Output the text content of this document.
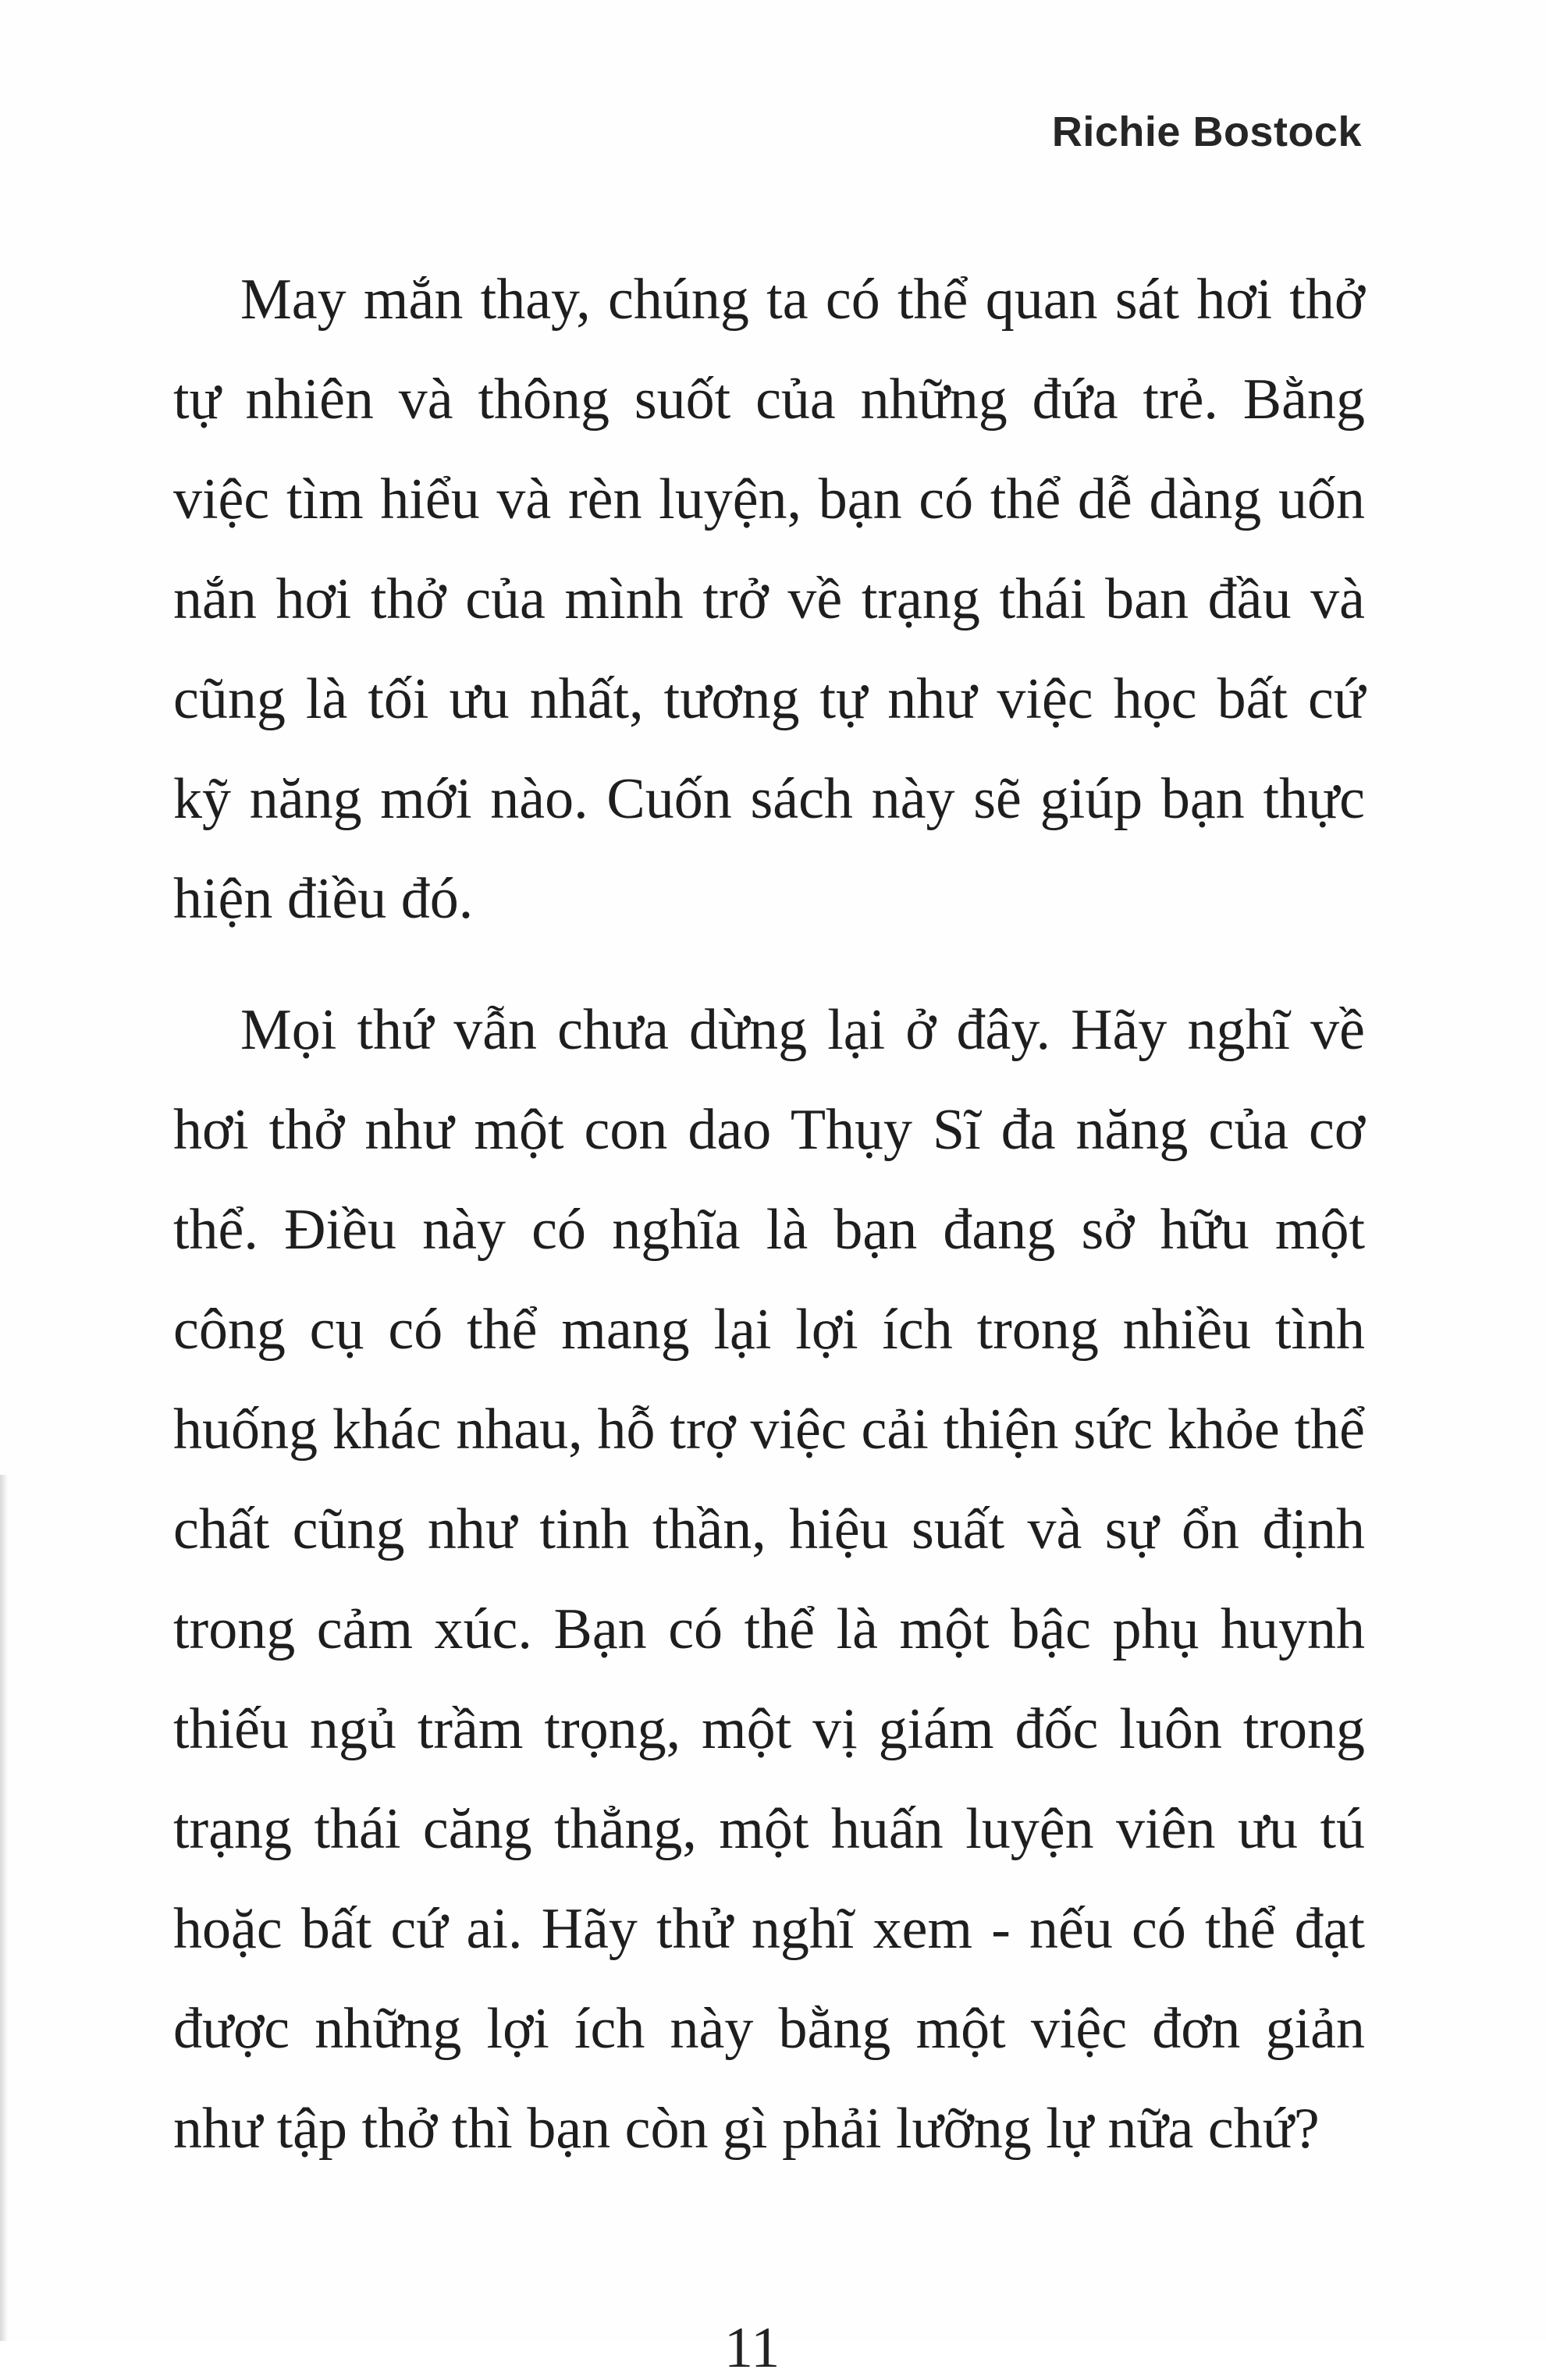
Richie Bostock

May mắn thay, chúng ta có thể quan sát hơi thở tự nhiên và thông suốt của những đứa trẻ. Bằng việc tìm hiểu và rèn luyện, bạn có thể dễ dàng uốn nắn hơi thở của mình trở về trạng thái ban đầu và cũng là tối ưu nhất, tương tự như việc học bất cứ kỹ năng mới nào. Cuốn sách này sẽ giúp bạn thực hiện điều đó.

Mọi thứ vẫn chưa dừng lại ở đây. Hãy nghĩ về hơi thở như một con dao Thụy Sĩ đa năng của cơ thể. Điều này có nghĩa là bạn đang sở hữu một công cụ có thể mang lại lợi ích trong nhiều tình huống khác nhau, hỗ trợ việc cải thiện sức khỏe thể chất cũng như tinh thần, hiệu suất và sự ổn định trong cảm xúc. Bạn có thể là một bậc phụ huynh thiếu ngủ trầm trọng, một vị giám đốc luôn trong trạng thái căng thẳng, một huấn luyện viên ưu tú hoặc bất cứ ai. Hãy thử nghĩ xem - nếu có thể đạt được những lợi ích này bằng một việc đơn giản như tập thở thì bạn còn gì phải lưỡng lự nữa chứ?

11
